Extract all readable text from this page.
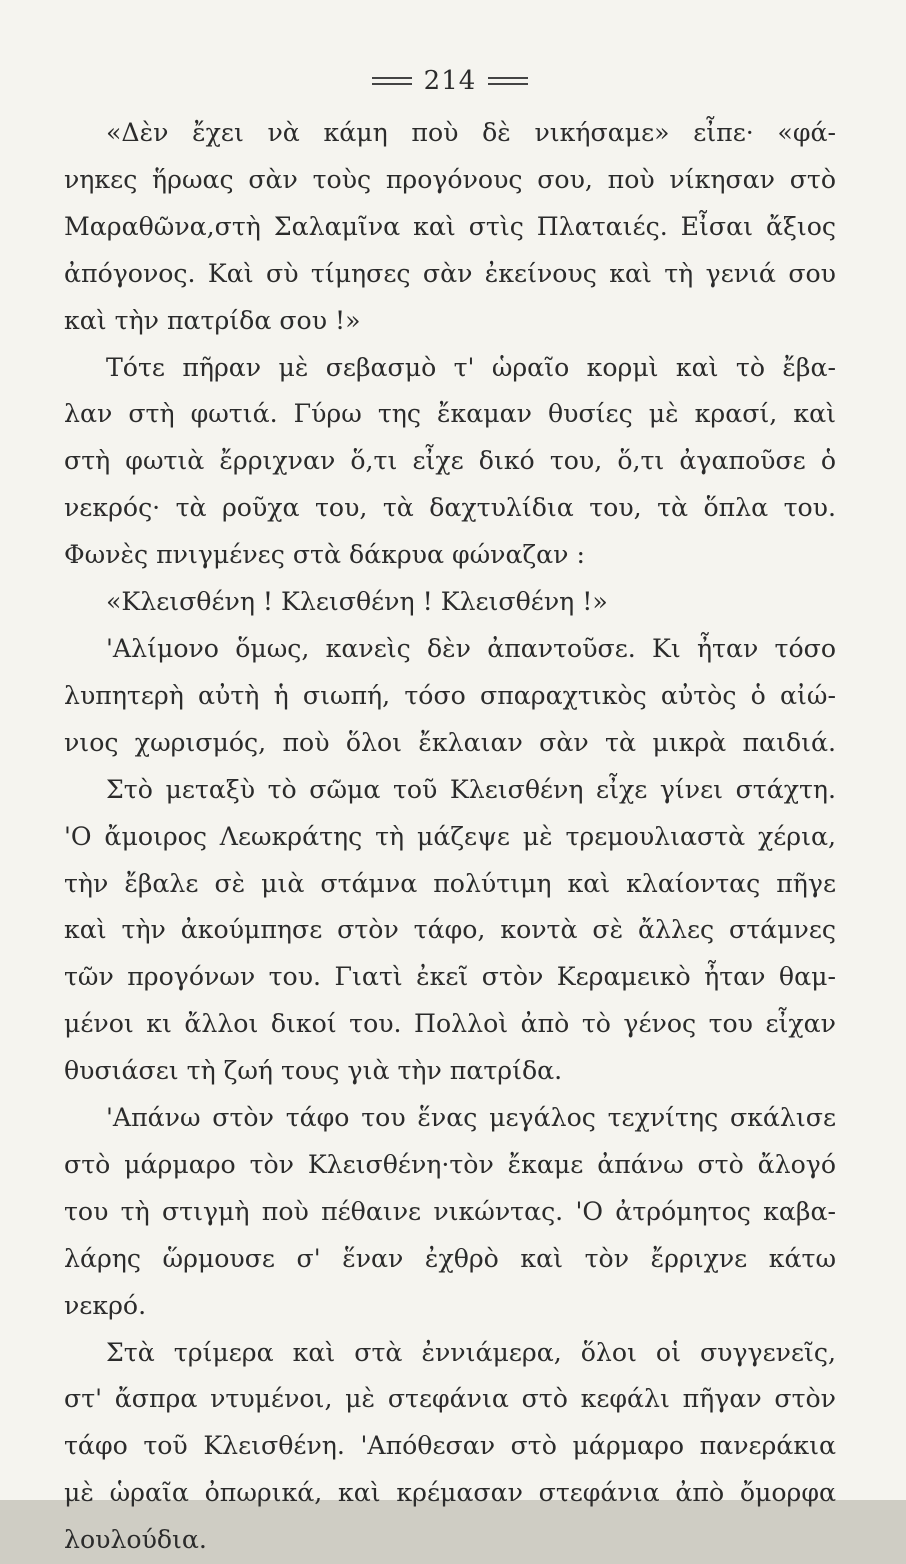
214
«Δὲν ἔχει νὰ κάμη ποὺ δὲ νικήσαμε» εἶπε· «φά-
νηκες ἥρωας σὰν τοὺς προγόνους σου, ποὺ νίκησαν στὸ
Μαραθῶνα,στὴ Σαλαμῖνα καὶ στὶς Πλαταιές. Εἶσαι ἄξιος
ἀπόγονος. Καὶ σὺ τίμησες σὰν ἐκείνους καὶ τὴ γενιά σου
καὶ τὴν πατρίδα σου !»
Τότε πῆραν μὲ σεβασμὸ τ' ὡραῖο κορμὶ καὶ τὸ ἔβα-
λαν στὴ φωτιά. Γύρω της ἔκαμαν θυσίες μὲ κρασί, καὶ
στὴ φωτιὰ ἔρριχναν ὅ,τι εἶχε δικό του, ὅ,τι ἀγαποῦσε ὁ
νεκρός· τὰ ροῦχα του, τὰ δαχτυλίδια του, τὰ ὅπλα του.
Φωνὲς πνιγμένες στὰ δάκρυα φώναζαν :
«Κλεισθένη ! Κλεισθένη ! Κλεισθένη !»
'Αλίμονο ὅμως, κανεὶς δὲν ἀπαντοῦσε. Κι ἦταν τόσο
λυπητερὴ αὐτὴ ἡ σιωπή, τόσο σπαραχτικὸς αὐτὸς ὁ αἰώ-
νιος χωρισμός, ποὺ ὅλοι ἔκλαιαν σὰν τὰ μικρὰ παιδιά.
Στὸ μεταξὺ τὸ σῶμα τοῦ Κλεισθένη εἶχε γίνει στάχτη.
'Ο ἄμοιρος Λεωκράτης τὴ μάζεψε μὲ τρεμουλιαστὰ χέρια,
τὴν ἔβαλε σὲ μιὰ στάμνα πολύτιμη καὶ κλαίοντας πῆγε
καὶ τὴν ἀκούμπησε στὸν τάφο, κοντὰ σὲ ἄλλες στάμνες
τῶν προγόνων του. Γιατὶ ἐκεῖ στὸν Κεραμεικὸ ἦταν θαμ-
μένοι κι ἄλλοι δικοί του. Πολλοὶ ἀπὸ τὸ γένος του εἶχαν
θυσιάσει τὴ ζωή τους γιὰ τὴν πατρίδα.
'Απάνω στὸν τάφο του ἕνας μεγάλος τεχνίτης σκάλισε
στὸ μάρμαρο τὸν Κλεισθένη·τὸν ἔκαμε ἀπάνω στὸ ἄλογό
του τὴ στιγμὴ ποὺ πέθαινε νικώντας. 'Ο ἀτρόμητος καβα-
λάρης ὥρμουσε σ' ἕναν ἐχθρὸ καὶ τὸν ἔρριχνε κάτω
νεκρό.
Στὰ τρίμερα καὶ στὰ ἐννιάμερα, ὅλοι οἱ συγγενεῖς,
στ' ἄσπρα ντυμένοι, μὲ στεφάνια στὸ κεφάλι πῆγαν στὸν
τάφο τοῦ Κλεισθένη. 'Απόθεσαν στὸ μάρμαρο πανεράκια
μὲ ὡραῖα ὀπωρικά, καὶ κρέμασαν στεφάνια ἀπὸ ὄμορφα
λουλούδια.
